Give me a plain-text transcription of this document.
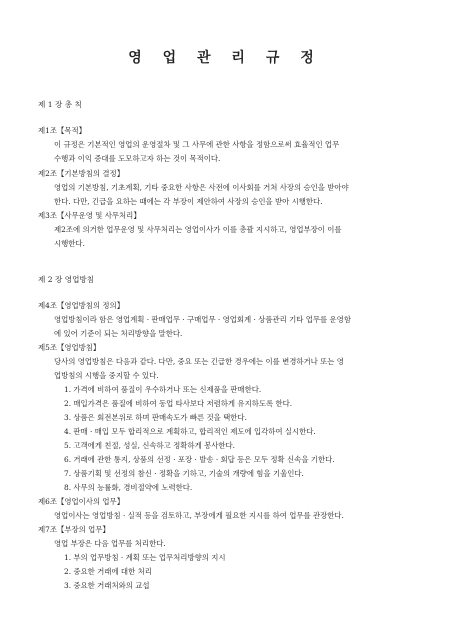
영 업 관 리 규 정
제 1 장 총 칙
제1조【목적】
이 규정은 기본적인 영업의 운영절차 및 그 사무에 관한 사항을 정함으로써 효율적인 업무
수행과 이익 증대를 도모하고자 하는 것이 목적이다.
제2조【기본방침의 결정】
영업의 기본방침, 기초계획, 기타 중요한 사항은 사전에 이사회를 거쳐 사장의 승인을 받아야
한다. 다만, 긴급을 요하는 때에는 각 부장이 제안하여 사장의 승인을 받아 시행한다.
제3조【사무운영 및 사무처리】
제2조에 의거한 업무운영 및 사무처리는 영업이사가 이를 총괄 지시하고, 영업부장이 이를
시행한다.
제 2 장 영업방침
제4조【영업방침의 정의】
영업방침이라 함은 영업계획 · 판매업무 · 구매업무 · 영업회계 · 상품관리 기타 업무를 운영함
에 있어 기준이 되는 처리방향을 말한다.
제5조【영업방침】
당사의 영업방침은 다음과 같다. 다만, 중요 또는 긴급한 경우에는 이를 변경하거나 또는 영
업방침의 시행을 중지할 수 있다.
1. 가격에 비하여 품질이 우수하거나 또는 신제품을 판매한다.
2. 매입가격은 품질에 비하여 동업 타사보다 저렴하게 유지하도록 한다.
3. 상품은 회전본위로 하며 판매속도가 빠른 것을 택한다.
4. 판매 · 매입 모두 합리적으로 계획하고, 합리적인 제도에 입각하여 실시한다.
5. 고객에게 친절, 성실, 신속하고 정확하게 봉사한다.
6. 거래에 관한 통지, 상품의 선정 · 포장 · 발송 · 회답 등은 모두 정확 신속을 기한다.
7. 상품기획 및 선정의 참신 · 정확을 기하고, 기술의 개량에 힘을 기울인다.
8. 사무의 능률화, 경비절약에 노력한다.
제6조【영업이사의 업무】
영업이사는 영업방침 · 실적 등을 검토하고, 부장에게 필요한 지시를 하여 업무를 관장한다.
제7조【부장의 업무】
영업 부장은 다음 업무를 처리한다.
1. 부의 업무방침 · 계획 또는 업무처리방향의 지시
2. 중요한 거래에 대한 처리
3. 중요한 거래처와의 교섭
